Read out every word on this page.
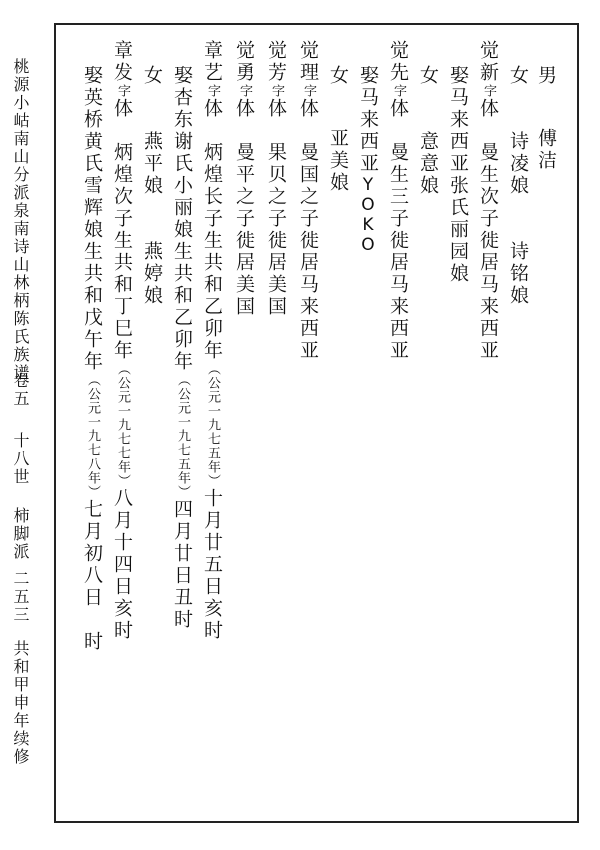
桃源小岵南山分派泉南诗山林柄陈氏族谱
卷五
十八世 柿脚派
二五三
共和甲申年续修
男
傅洁
女　　诗凌娘　　诗铭娘
觉新字体　曼生次子徙居马来西亚
娶马来西亚张氏丽园娘
女　　意意娘
觉先字体　曼生三子徙居马来西亚
娶马来西亚YOKO
女
亚美娘
觉理字体　曼国之子徙居马来西亚
觉芳字体　果贝之子徙居美国
觉勇字体　曼平之子徙居美国
章艺字体　炳煌长子生共和乙卯年（公元一九七五年）十月廿五日亥时
娶杏东谢氏小丽娘生共和乙卯年（公元一九七五年）四月廿日丑时
女　　燕平娘　　燕婷娘
章发字体　炳煌次子生共和丁巳年（公元一九七七年）八月十四日亥时
娶英桥黄氏雪辉娘生共和戊午年（公元一九七八年）七月初八日　时
